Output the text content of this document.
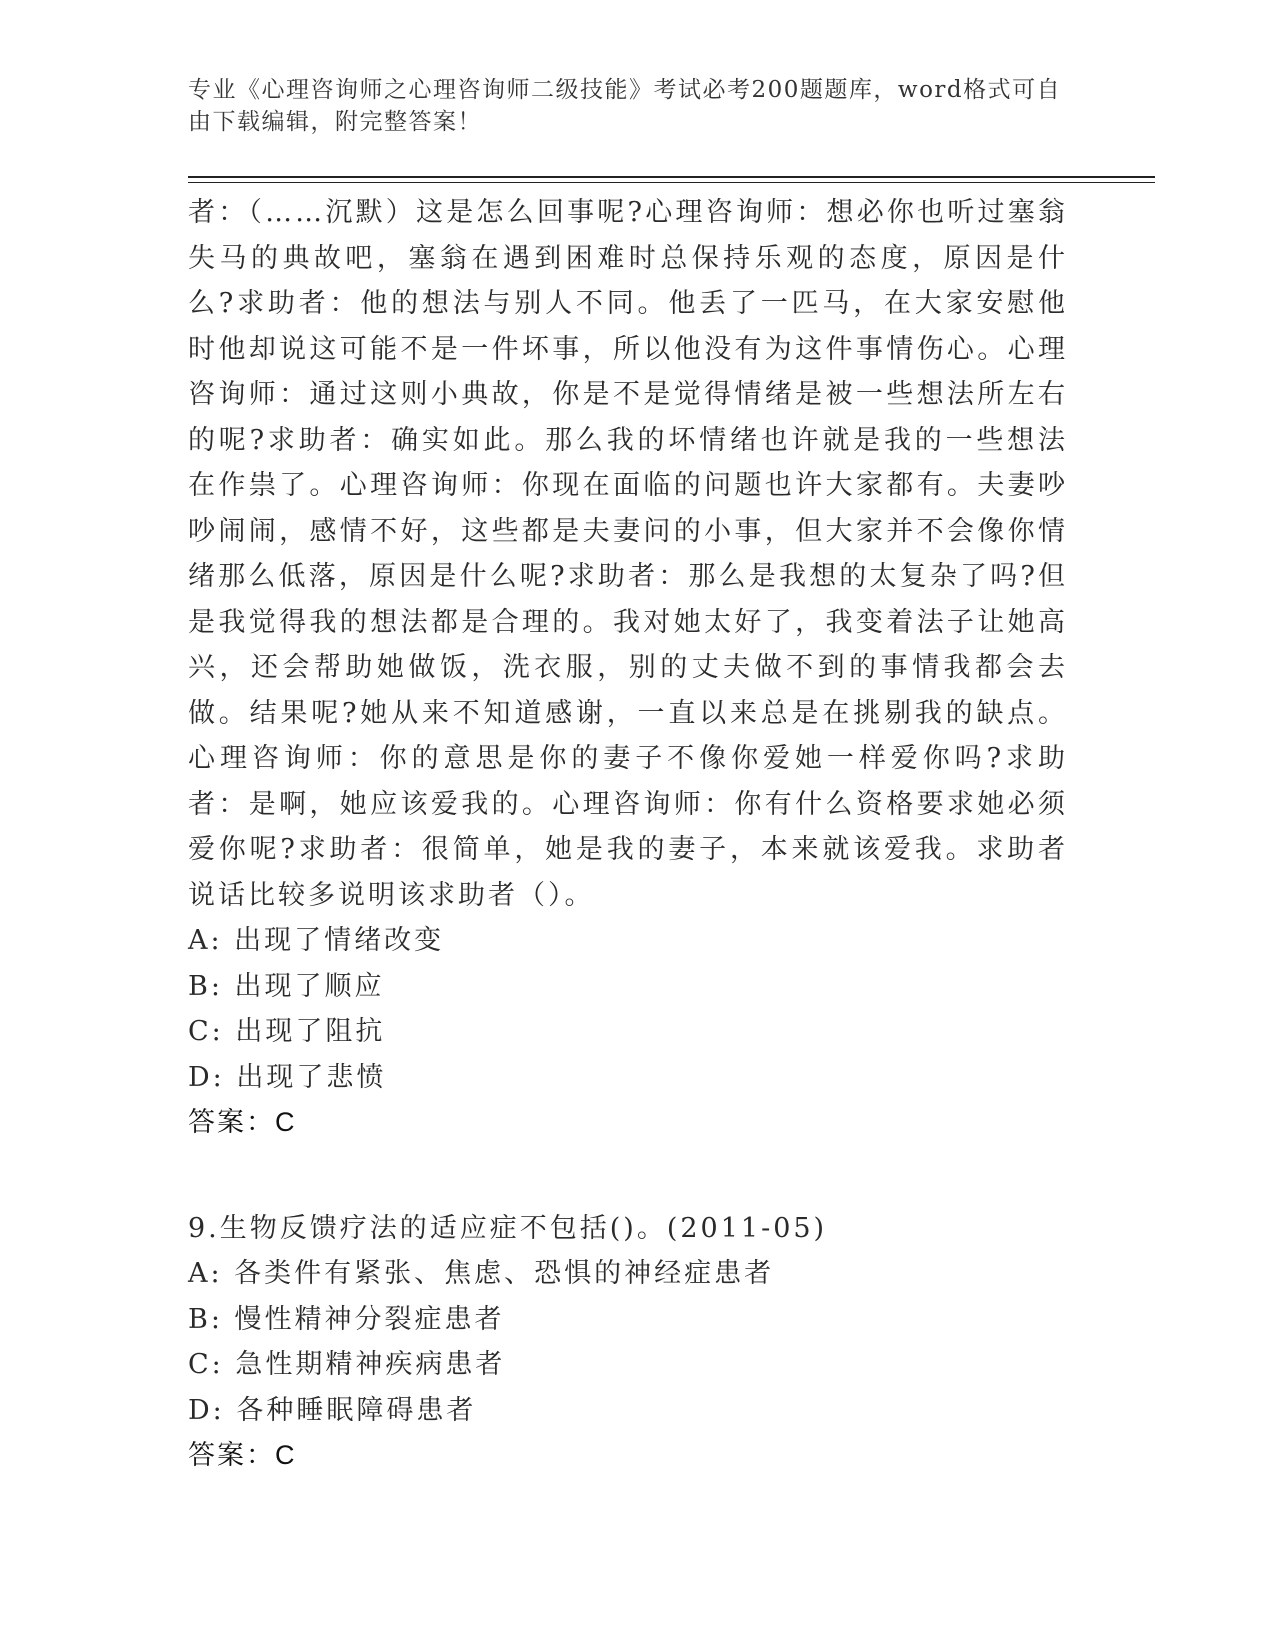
专业《心理咨询师之心理咨询师二级技能》考试必考200题题库，word格式可自
由下载编辑，附完整答案！

者：（……沉默）这是怎么回事呢?心理咨询师：想必你也听过塞翁失马的典故吧，塞翁在遇到困难时总保持乐观的态度，原因是什么?求助者：他的想法与别人不同。他丢了一匹马，在大家安慰他时他却说这可能不是一件坏事，所以他没有为这件事情伤心。心理咨询师：通过这则小典故，你是不是觉得情绪是被一些想法所左右的呢?求助者：确实如此。那么我的坏情绪也许就是我的一些想法在作祟了。心理咨询师：你现在面临的问题也许大家都有。夫妻吵吵闹闹，感情不好，这些都是夫妻问的小事，但大家并不会像你情绪那么低落，原因是什么呢?求助者：那么是我想的太复杂了吗?但是我觉得我的想法都是合理的。我对她太好了，我变着法子让她高兴，还会帮助她做饭，洗衣服，别的丈夫做不到的事情我都会去做。结果呢?她从来不知道感谢，一直以来总是在挑剔我的缺点。心理咨询师：你的意思是你的妻子不像你爱她一样爱你吗?求助者：是啊，她应该爱我的。心理咨询师：你有什么资格要求她必须爱你呢?求助者：很简单，她是我的妻子，本来就该爱我。求助者说话比较多说明该求助者（）。

A: 出现了情绪改变

B: 出现了顺应

C: 出现了阻抗

D: 出现了悲愤

答案：C

9.生物反馈疗法的适应症不包括()。(2011-05)

A: 各类件有紧张、焦虑、恐惧的神经症患者

B: 慢性精神分裂症患者

C: 急性期精神疾病患者

D: 各种睡眠障碍患者

答案：C
